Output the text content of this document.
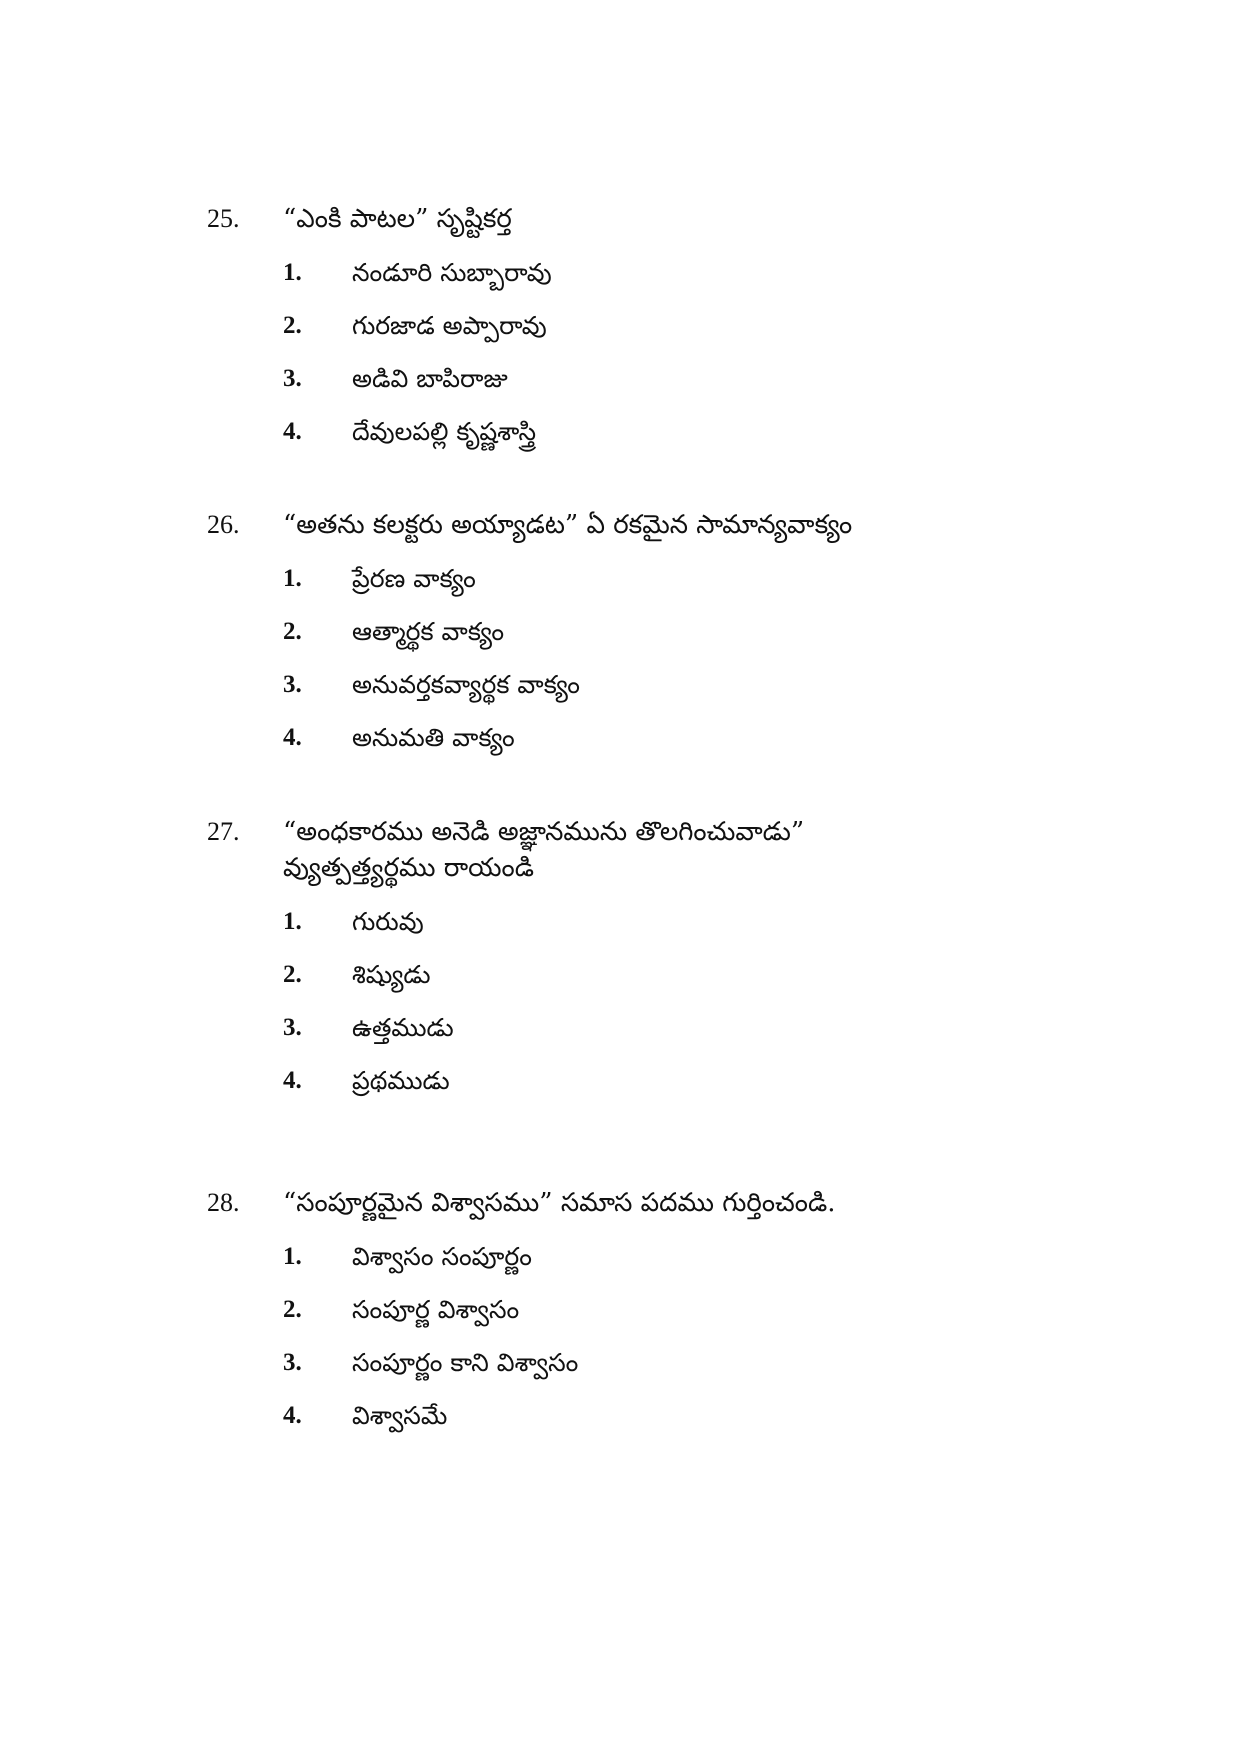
25. “ఎంకి పాటల” సృష్టికర్త
1. నండూరి సుబ్బారావు
2. గురజాడ అప్పారావు
3. అడివి బాపిరాజు
4. దేవులపల్లి కృష్ణశాస్త్రి
26. “అతను కలక్టరు అయ్యాడట” ఏ రకమైన సామాన్యవాక్యం
1. ప్రేరణ వాక్యం
2. ఆత్మార్థక వాక్యం
3. అనువర్తకవ్యార్థక వాక్యం
4. అనుమతి వాక్యం
27. “అంధకారము అనెడి అజ్ఞానమును తొలగించువాడు”
వ్యుత్పత్త్యర్థము రాయండి
1. గురువు
2. శిష్యుడు
3. ఉత్తముడు
4. ప్రథముడు
28. “సంపూర్ణమైన విశ్వాసము” సమాస పదము గుర్తించండి.
1. విశ్వాసం సంపూర్ణం
2. సంపూర్ణ విశ్వాసం
3. సంపూర్ణం కాని విశ్వాసం
4. విశ్వాసమే
